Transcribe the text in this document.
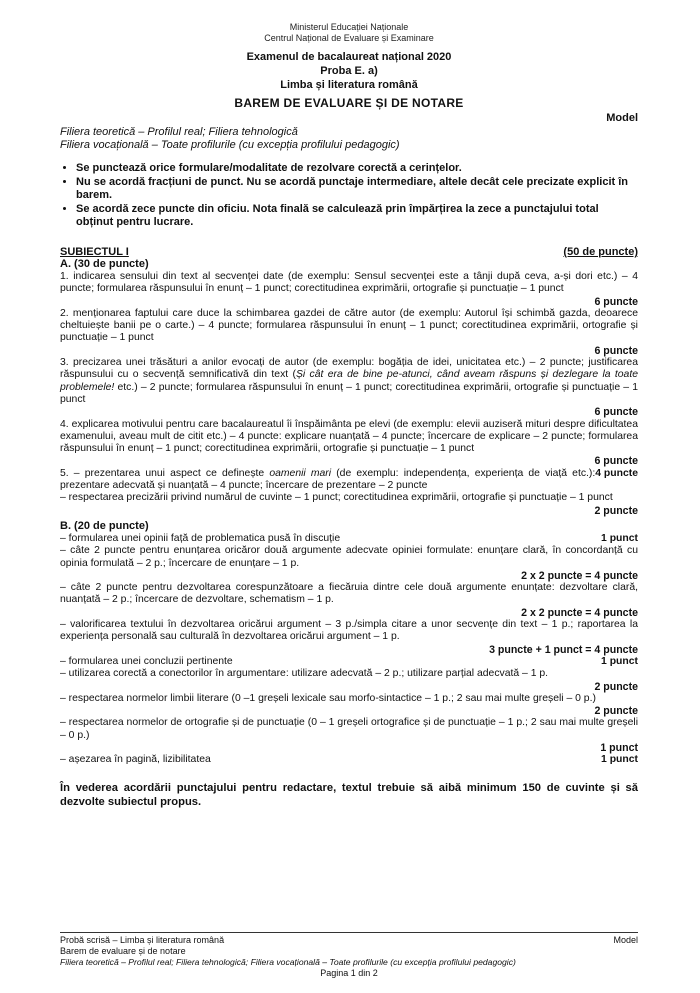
Ministerul Educației Naționale
Centrul Național de Evaluare și Examinare
Examenul de bacalaureat național 2020
Proba E. a)
Limba și literatura română
BAREM DE EVALUARE ȘI DE NOTARE
Model
Filiera teoretică – Profilul real; Filiera tehnologică
Filiera vocațională – Toate profilurile (cu excepția profilului pedagogic)
• Se punctează orice formulare/modalitate de rezolvare corectă a cerințelor.
• Nu se acordă fracțiuni de punct. Nu se acordă punctaje intermediare, altele decât cele precizate explicit în barem.
• Se acordă zece puncte din oficiu. Nota finală se calculează prin împărțirea la zece a punctajului total obținut pentru lucrare.
SUBIECTUL I	(50 de puncte)
A. (30 de puncte)
1. indicarea sensului din text al secvenței date (de exemplu: Sensul secvenței este a tânji după ceva, a-și dori etc.) – 4 puncte; formularea răspunsului în enunț – 1 punct; corectitudinea exprimării, ortografie și punctuație – 1 punct
6 puncte
2. menționarea faptului care duce la schimbarea gazdei de către autor (de exemplu: Autorul își schimbă gazda, deoarece cheltuiește banii pe o carte.) – 4 puncte; formularea răspunsului în enunț – 1 punct; corectitudinea exprimării, ortografie și punctuație – 1 punct
6 puncte
3. precizarea unei trăsături a anilor evocați de autor (de exemplu: bogăția de idei, unicitatea etc.) – 2 puncte; justificarea răspunsului cu o secvență semnificativă din text (Și cât era de bine pe-atunci, când aveam răspuns și dezlegare la toate problemele! etc.) – 2 puncte; formularea răspunsului în enunț – 1 punct; corectitudinea exprimării, ortografie și punctuație – 1 punct
6 puncte
4. explicarea motivului pentru care bacalaureatul îi înspăimânta pe elevi (de exemplu: elevii auziseră mituri despre dificultatea examenului, aveau mult de citit etc.) – 4 puncte: explicare nuanțată – 4 puncte; încercare de explicare – 2 puncte; formularea răspunsului în enunț – 1 punct; corectitudinea exprimării, ortografie și punctuație – 1 punct
6 puncte
4 puncte
5. – prezentarea unui aspect ce definește oamenii mari (de exemplu: independența, experiența de viață etc.): prezentare adecvată și nuanțată – 4 puncte; încercare de prezentare – 2 puncte
– respectarea precizării privind numărul de cuvinte – 1 punct; corectitudinea exprimării, ortografie și punctuație – 1 punct
2 puncte
B. (20 de puncte)
1 punct
– formularea unei opinii față de problematica pusă în discuție
– câte 2 puncte pentru enunțarea oricăror două argumente adecvate opiniei formulate: enunțare clară, în concordanță cu opinia formulată – 2 p.; încercare de enunțare – 1 p.
2 x 2 puncte = 4 puncte
– câte 2 puncte pentru dezvoltarea corespunzătoare a fiecăruia dintre cele două argumente enunțate: dezvoltare clară, nuanțată – 2 p.; încercare de dezvoltare, schematism – 1 p.
2 x 2 puncte = 4 puncte
– valorificarea textului în dezvoltarea oricărui argument – 3 p./simpla citare a unor secvențe din text – 1 p.; raportarea la experiența personală sau culturală în dezvoltarea oricărui argument – 1 p.
3 puncte + 1 punct = 4 puncte
1 punct
– formularea unei concluzii pertinente
– utilizarea corectă a conectorilor în argumentare: utilizare adecvată – 2 p.; utilizare parțial adecvată – 1 p.
2 puncte
– respectarea normelor limbii literare (0 –1 greșeli lexicale sau morfo-sintactice – 1 p.; 2 sau mai multe greșeli – 0 p.)
2 puncte
– respectarea normelor de ortografie și de punctuație (0 – 1 greșeli ortografice și de punctuație – 1 p.; 2 sau mai multe greșeli – 0 p.)
1 punct
1 punct
– așezarea în pagină, lizibilitatea
În vederea acordării punctajului pentru redactare, textul trebuie să aibă minimum 150 de cuvinte și să dezvolte subiectul propus.
Probă scrisă – Limba și literatura română	Model
Barem de evaluare și de notare
Filiera teoretică – Profilul real; Filiera tehnologică; Filiera vocațională – Toate profilurile (cu excepția profilului pedagogic)
Pagina 1 din 2
